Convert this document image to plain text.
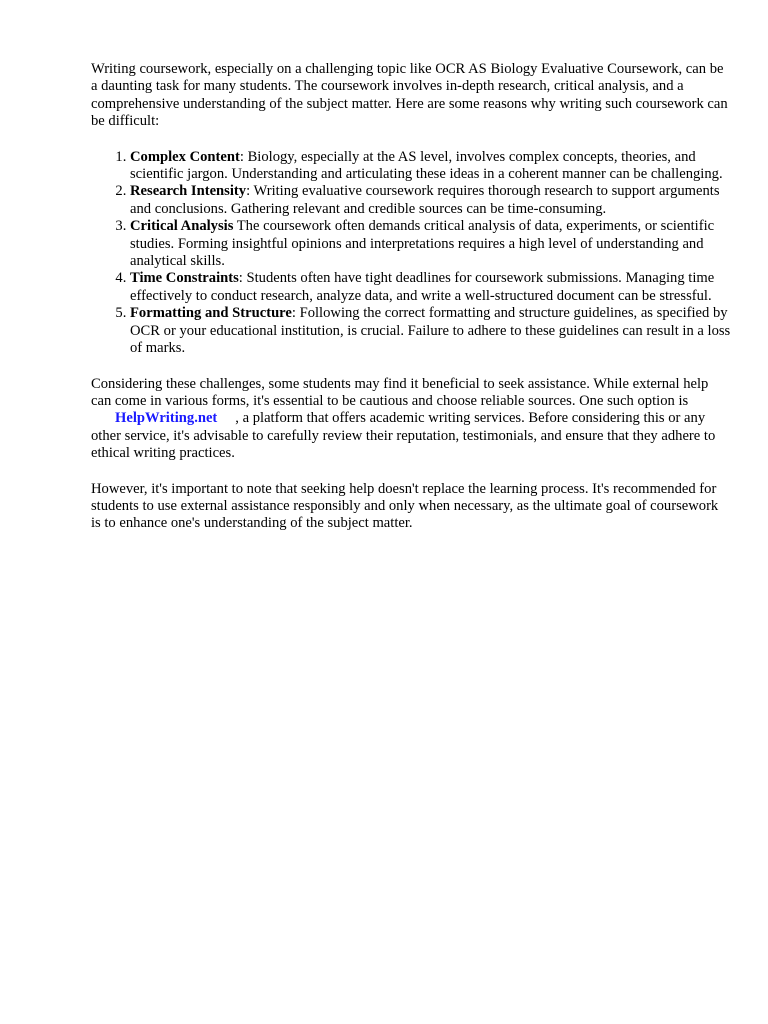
Writing coursework, especially on a challenging topic like OCR AS Biology Evaluative Coursework, can be a daunting task for many students. The coursework involves in-depth research, critical analysis, and a comprehensive understanding of the subject matter. Here are some reasons why writing such coursework can be difficult:

1. Complex Content: Biology, especially at the AS level, involves complex concepts, theories, and scientific jargon. Understanding and articulating these ideas in a coherent manner can be challenging.
2. Research Intensity: Writing evaluative coursework requires thorough research to support arguments and conclusions. Gathering relevant and credible sources can be time-consuming.
3. Critical Analysis The coursework often demands critical analysis of data, experiments, or scientific studies. Forming insightful opinions and interpretations requires a high level of understanding and analytical skills.
4. Time Constraints: Students often have tight deadlines for coursework submissions. Managing time effectively to conduct research, analyze data, and write a well-structured document can be stressful.
5. Formatting and Structure: Following the correct formatting and structure guidelines, as specified by OCR or your educational institution, is crucial. Failure to adhere to these guidelines can result in a loss of marks.

Considering these challenges, some students may find it beneficial to seek assistance. While external help can come in various forms, it's essential to be cautious and choose reliable sources. One such option isHelpWriting.net , a platform that offers academic writing services. Before considering this or any other service, it's advisable to carefully review their reputation, testimonials, and ensure that they adhere to ethical writing practices.

However, it's important to note that seeking help doesn't replace the learning process. It's recommended for students to use external assistance responsibly and only when necessary, as the ultimate goal of coursework is to enhance one's understanding of the subject matter.
